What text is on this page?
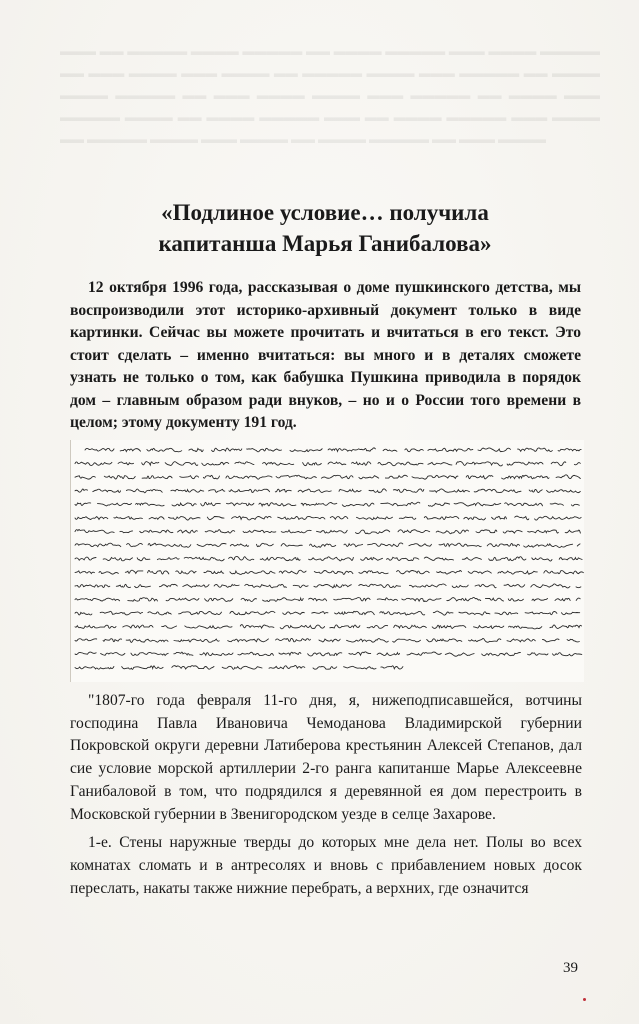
▬▬▬ ▬▬ ▬▬▬▬▬ ▬▬▬▬ ▬▬▬▬▬ ▬▬ ▬▬▬▬ ▬▬▬▬▬ ▬▬▬ ▬▬▬▬ ▬▬▬▬▬ ▬▬ ▬▬▬ ▬▬▬▬ ▬▬▬ ▬▬▬▬ ▬▬ ▬▬▬▬▬ ▬▬▬▬ ▬▬▬ ▬▬▬▬▬ ▬▬ ▬▬▬▬ ▬▬▬▬ ▬▬▬▬▬ ▬▬ ▬▬▬ ▬▬▬▬ ▬▬▬▬ ▬▬▬ ▬▬▬▬▬ ▬▬ ▬▬▬▬ ▬▬▬ ▬▬▬▬▬ ▬▬▬▬ ▬▬ ▬▬▬▬ ▬▬▬▬▬ ▬▬▬ ▬▬ ▬▬▬▬ ▬▬▬▬▬ ▬▬▬ ▬▬▬▬ ▬▬ ▬▬▬▬▬ ▬▬▬▬ ▬▬▬ ▬▬▬▬ ▬▬ ▬▬▬▬ ▬▬▬▬▬ ▬▬ ▬▬▬ ▬▬▬▬
«Подлиное условие… получила
капитанша Марья Ганибалова»

12 октября 1996 года, рассказывая о доме пушкинского детства, мы воспроизводили этот историко-архивный документ только в виде картинки. Сейчас вы можете прочитать и вчитаться в его текст. Это стоит сделать – именно вчитаться: вы много и в деталях сможете узнать не только о том, как бабушка Пушкина приводила в порядок дом – главным образом ради внуков, – но и о России того времени в целом; этому документу 191 год.

"1807-го года февраля 11-го дня, я, нижеподписавшейся, вотчины господина Павла Ивановича Чемоданова Владимирской губернии Покровской округи деревни Латиберова крестьянин Алексей Степанов, дал сие условие морской артиллерии 2-го ранга капитанше Марье Алексеевне Ганибаловой в том, что подрядился я деревянной ея дом перестроить в Московской губернии в Звенигородском уезде в селце Захарове.

1-е. Стены наружные тверды до которых мне дела нет. Полы во всех комнатах сломать и в антресолях и вновь с прибавлением новых досок переслать, накаты также нижние перебрать, а верхних, где означится

39
